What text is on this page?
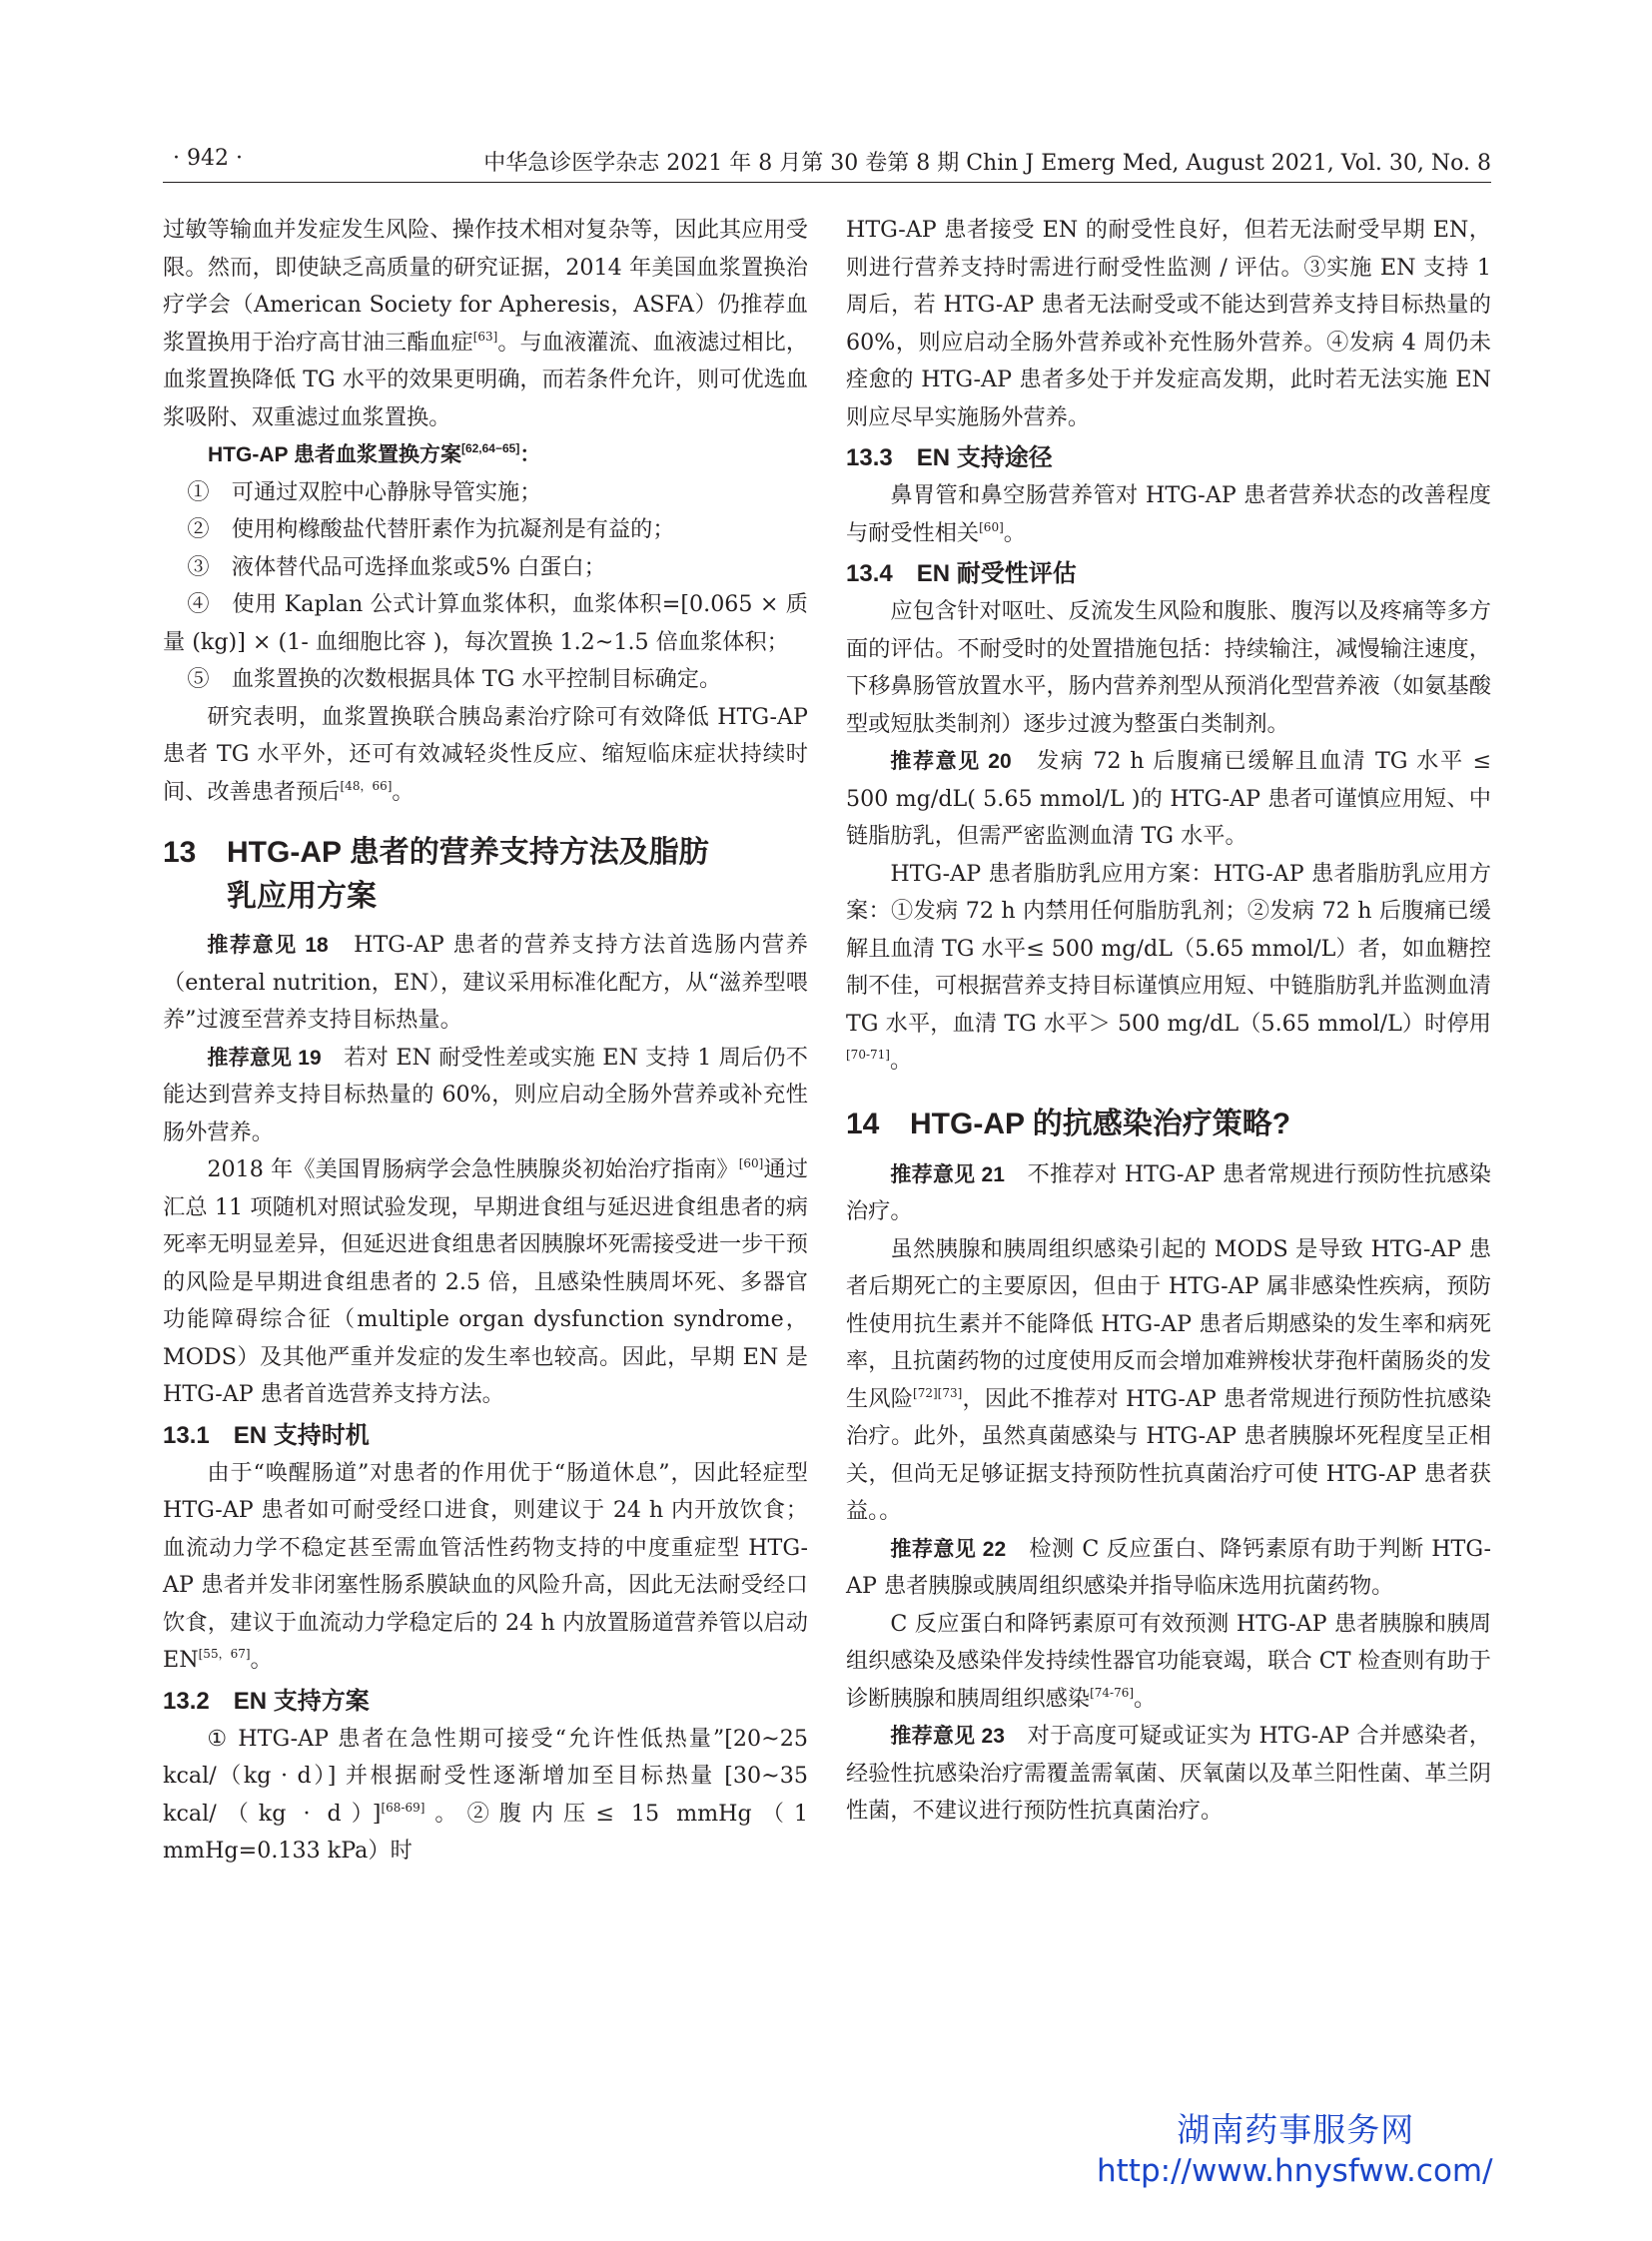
· 942 ·	中华急诊医学杂志 2021 年 8 月第 30 卷第 8 期 Chin J Emerg Med, August 2021, Vol. 30, No. 8

过敏等输血并发症发生风险、操作技术相对复杂等，因此其应用受限。然而，即使缺乏高质量的研究证据，2014 年美国血浆置换治疗学会（American Society for Apheresis，ASFA）仍推荐血浆置换用于治疗高甘油三酯血症[63]。与血液灌流、血液滤过相比，血浆置换降低 TG 水平的效果更明确，而若条件允许，则可优选血浆吸附、双重滤过血浆置换。

HTG-AP 患者血浆置换方案[62,64−65]：

①　可通过双腔中心静脉导管实施；

②　使用枸橼酸盐代替肝素作为抗凝剂是有益的；

③　液体替代品可选择血浆或5% 白蛋白；

④　使用 Kaplan 公式计算血浆体积，血浆体积=[0.065 × 质量 (kg)] × (1- 血细胞比容 )，每次置换 1.2~1.5 倍血浆体积；

⑤　血浆置换的次数根据具体 TG 水平控制目标确定。

研究表明，血浆置换联合胰岛素治疗除可有效降低 HTG-AP 患者 TG 水平外，还可有效减轻炎性反应、缩短临床症状持续时间、改善患者预后[48，66]。

13 HTG-AP 患者的营养支持方法及脂肪
乳应用方案

推荐意见 18　HTG-AP 患者的营养支持方法首选肠内营养（enteral nutrition，EN），建议采用标准化配方，从“滋养型喂养”过渡至营养支持目标热量。

推荐意见 19　若对 EN 耐受性差或实施 EN 支持 1 周后仍不能达到营养支持目标热量的 60%，则应启动全肠外营养或补充性肠外营养。

2018 年《美国胃肠病学会急性胰腺炎初始治疗指南》[60]通过汇总 11 项随机对照试验发现，早期进食组与延迟进食组患者的病死率无明显差异，但延迟进食组患者因胰腺坏死需接受进一步干预的风险是早期进食组患者的 2.5 倍，且感染性胰周坏死、多器官功能障碍综合征（multiple organ dysfunction syndrome，MODS）及其他严重并发症的发生率也较高。因此，早期 EN 是 HTG-AP 患者首选营养支持方法。

13.1　EN 支持时机

由于“唤醒肠道”对患者的作用优于“肠道休息”，因此轻症型 HTG-AP 患者如可耐受经口进食，则建议于 24 h 内开放饮食；血流动力学不稳定甚至需血管活性药物支持的中度重症型 HTG-AP 患者并发非闭塞性肠系膜缺血的风险升高，因此无法耐受经口饮食，建议于血流动力学稳定后的 24 h 内放置肠道营养管以启动 EN[55，67]。

13.2　EN 支持方案

① HTG-AP 患者在急性期可接受“允许性低热量”[20~25 kcal/（kg · d）] 并根据耐受性逐渐增加至目标热量 [30~35 kcal/（kg · d）][68-69]。②腹内压≤ 15 mmHg（1 mmHg=0.133 kPa）时

HTG-AP 患者接受 EN 的耐受性良好，但若无法耐受早期 EN，则进行营养支持时需进行耐受性监测 / 评估。③实施 EN 支持 1 周后，若 HTG-AP 患者无法耐受或不能达到营养支持目标热量的 60%，则应启动全肠外营养或补充性肠外营养。④发病 4 周仍未痊愈的 HTG-AP 患者多处于并发症高发期，此时若无法实施 EN 则应尽早实施肠外营养。

13.3　EN 支持途径

鼻胃管和鼻空肠营养管对 HTG-AP 患者营养状态的改善程度与耐受性相关[60]。

13.4　EN 耐受性评估

应包含针对呕吐、反流发生风险和腹胀、腹泻以及疼痛等多方面的评估。不耐受时的处置措施包括：持续输注，减慢输注速度，下移鼻肠管放置水平，肠内营养剂型从预消化型营养液（如氨基酸型或短肽类制剂）逐步过渡为整蛋白类制剂。

推荐意见 20　发病 72 h 后腹痛已缓解且血清 TG 水平 ≤ 500 mg/dL( 5.65 mmol/L )的 HTG-AP 患者可谨慎应用短、中链脂肪乳，但需严密监测血清 TG 水平。

HTG-AP 患者脂肪乳应用方案：HTG-AP 患者脂肪乳应用方案：①发病 72 h 内禁用任何脂肪乳剂；②发病 72 h 后腹痛已缓解且血清 TG 水平≤ 500 mg/dL（5.65 mmol/L）者，如血糖控制不佳，可根据营养支持目标谨慎应用短、中链脂肪乳并监测血清 TG 水平，血清 TG 水平＞ 500 mg/dL（5.65 mmol/L）时停用[70-71]。

14 HTG-AP 的抗感染治疗策略?

推荐意见 21　不推荐对 HTG-AP 患者常规进行预防性抗感染治疗。

虽然胰腺和胰周组织感染引起的 MODS 是导致 HTG-AP 患者后期死亡的主要原因，但由于 HTG-AP 属非感染性疾病，预防性使用抗生素并不能降低 HTG-AP 患者后期感染的发生率和病死率，且抗菌药物的过度使用反而会增加难辨梭状芽孢杆菌肠炎的发生风险[72][73]，因此不推荐对 HTG-AP 患者常规进行预防性抗感染治疗。此外，虽然真菌感染与 HTG-AP 患者胰腺坏死程度呈正相关，但尚无足够证据支持预防性抗真菌治疗可使 HTG-AP 患者获益。。

推荐意见 22　检测 C 反应蛋白、降钙素原有助于判断 HTG-AP 患者胰腺或胰周组织感染并指导临床选用抗菌药物。

C 反应蛋白和降钙素原可有效预测 HTG-AP 患者胰腺和胰周组织感染及感染伴发持续性器官功能衰竭，联合 CT 检查则有助于诊断胰腺和胰周组织感染[74-76]。

推荐意见 23　对于高度可疑或证实为 HTG-AP 合并感染者，经验性抗感染治疗需覆盖需氧菌、厌氧菌以及革兰阳性菌、革兰阴性菌，不建议进行预防性抗真菌治疗。

湖南药事服务网
http://www.hnysfww.com/
